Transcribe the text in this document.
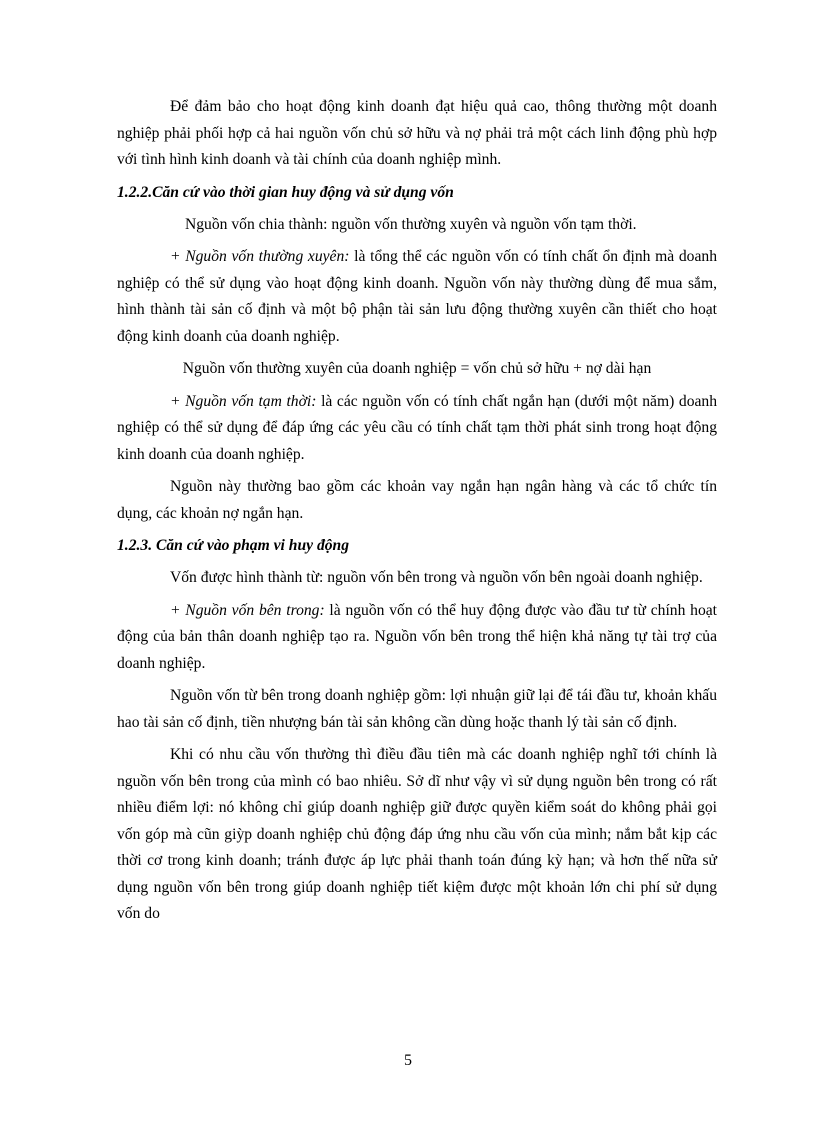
Để đảm bảo cho hoạt động kinh doanh đạt hiệu quả cao, thông thường một doanh nghiệp phải phối hợp cả hai nguồn vốn chủ sở hữu và nợ phải trả một cách linh động phù hợp với tình hình kinh doanh và tài chính của doanh nghiệp mình.

1.2.2.Căn cứ vào thời gian huy động và sử dụng vốn

Nguồn vốn chia thành: nguồn vốn thường xuyên và nguồn vốn tạm thời.

+ Nguồn vốn thường xuyên: là tổng thể các nguồn vốn có tính chất ổn định mà doanh nghiệp có thể sử dụng vào hoạt động kinh doanh. Nguồn vốn này thường dùng để mua sắm, hình thành tài sản cố định và một bộ phận tài sản lưu động thường xuyên cần thiết cho hoạt động kinh doanh của doanh nghiệp.

Nguồn vốn thường xuyên của doanh nghiệp = vốn chủ sở hữu + nợ dài hạn

+ Nguồn vốn tạm thời: là các nguồn vốn có tính chất ngắn hạn (dưới một năm) doanh nghiệp có thể sử dụng để đáp ứng các yêu cầu có tính chất tạm thời phát sinh trong hoạt động kinh doanh của doanh nghiệp.

Nguồn này thường bao gồm các khoản vay ngắn hạn ngân hàng và các tổ chức tín dụng, các khoản nợ ngắn hạn.

1.2.3. Căn cứ vào phạm vi huy động

Vốn được hình thành từ: nguồn vốn bên trong và nguồn vốn bên ngoài doanh nghiệp.

+ Nguồn vốn bên trong: là nguồn vốn có thể huy động được vào đầu tư từ chính hoạt động của bản thân doanh nghiệp tạo ra. Nguồn vốn bên trong thể hiện khả năng tự tài trợ của doanh nghiệp.

Nguồn vốn từ bên trong doanh nghiệp gồm: lợi nhuận giữ lại để tái đầu tư, khoản khấu hao tài sản cố định, tiền nhượng bán tài sản không cần dùng hoặc thanh lý tài sản cố định.

Khi có nhu cầu vốn thường thì điều đầu tiên mà các doanh nghiệp nghĩ tới chính là nguồn vốn bên trong của mình có bao nhiêu. Sở dĩ như vậy vì sử dụng nguồn bên trong có rất nhiều điểm lợi: nó không chỉ giúp doanh nghiệp giữ được quyền kiểm soát do không phải gọi vốn góp mà cũn giỳp doanh nghiệp chủ động đáp ứng nhu cầu vốn của mình; nắm bắt kịp các thời cơ trong kinh doanh; tránh được áp lực phải thanh toán đúng kỳ hạn; và hơn thế nữa sử dụng nguồn vốn bên trong giúp doanh nghiệp tiết kiệm được một khoản lớn chi phí sử dụng vốn do

5
